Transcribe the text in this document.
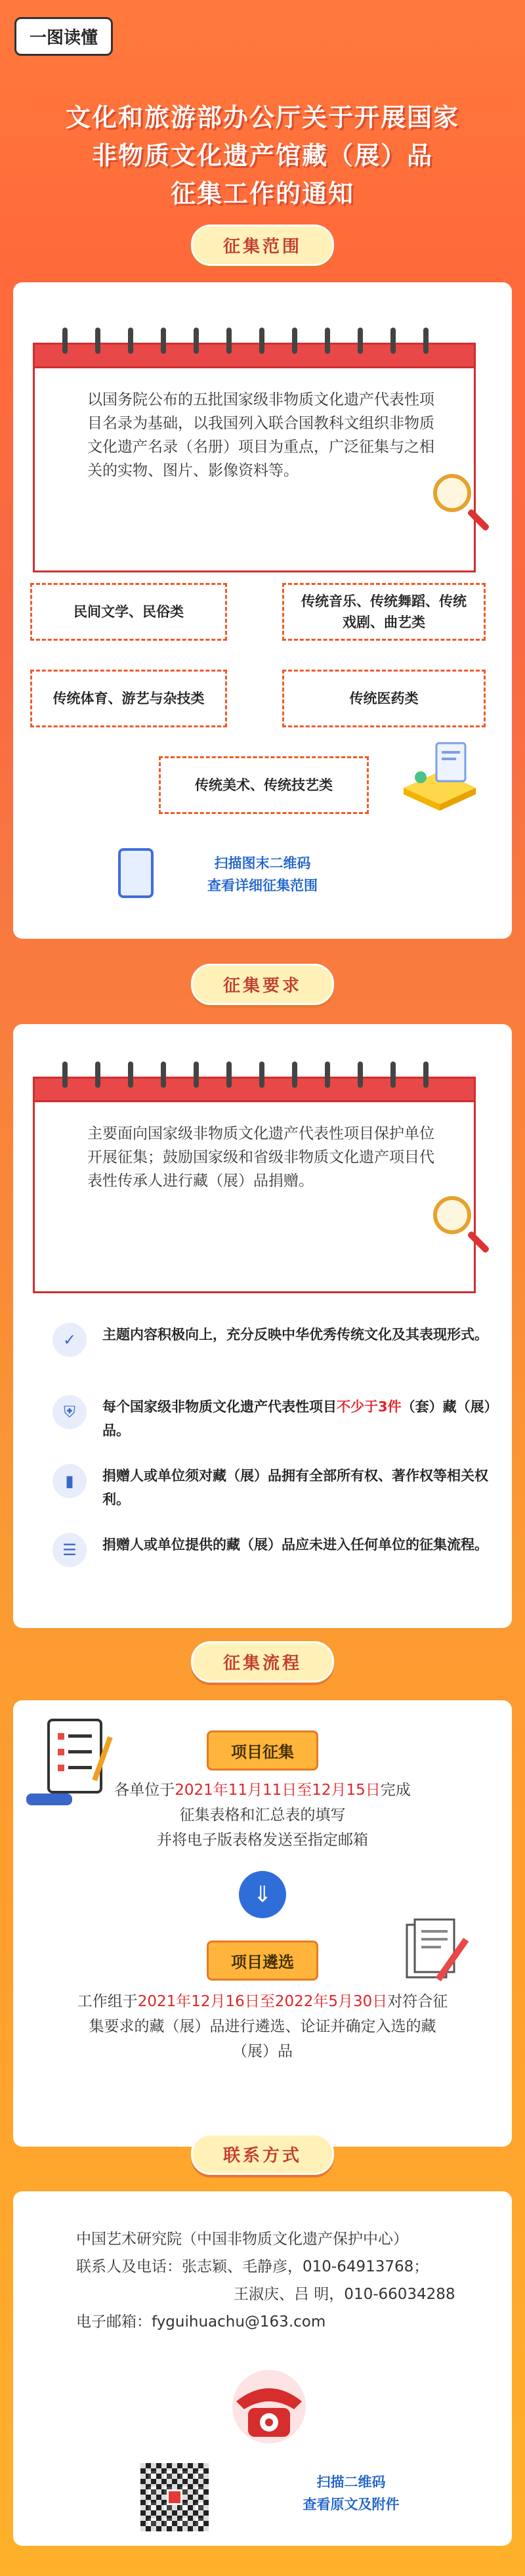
一图读懂
文化和旅游部办公厅关于开展国家
非物质文化遗产馆藏（展）品
征集工作的通知
征集范围
以国务院公布的五批国家级非物质文化遗产代表性项目名录为基础，以我国列入联合国教科文组织非物质文化遗产名录（名册）项目为重点，广泛征集与之相关的实物、图片、影像资料等。
民间文学、民俗类
传统音乐、传统舞蹈、传统戏剧、曲艺类
传统体育、游艺与杂技类	传统医药类
传统美术、传统技艺类
扫描图末二维码
查看详细征集范围
征集要求
主要面向国家级非物质文化遗产代表性项目保护单位开展征集；鼓励国家级和省级非物质文化遗产项目代表性传承人进行藏（展）品捐赠。
✓	主题内容积极向上，充分反映中华优秀传统文化及其表现形式。
⛨	每个国家级非物质文化遗产代表性项目不少于3件（套）藏（展）品。
▮	捐赠人或单位须对藏（展）品拥有全部所有权、著作权等相关权利。
☰	捐赠人或单位提供的藏（展）品应未进入任何单位的征集流程。
征集流程
项目征集
各单位于2021年11月11日至12月15日完成
征集表格和汇总表的填写
并将电子版表格发送至指定邮箱
⇓
项目遴选
工作组于2021年12月16日至2022年5月30日对符合征集要求的藏（展）品进行遴选、论证并确定入选的藏（展）品
联系方式
中国艺术研究院（中国非物质文化遗产保护中心）
联系人及电话：张志颖、毛静彦，010-64913768；
王淑庆、吕 明，010-66034288
电子邮箱：fyguihuachu@163.com
扫描二维码
查看原文及附件
